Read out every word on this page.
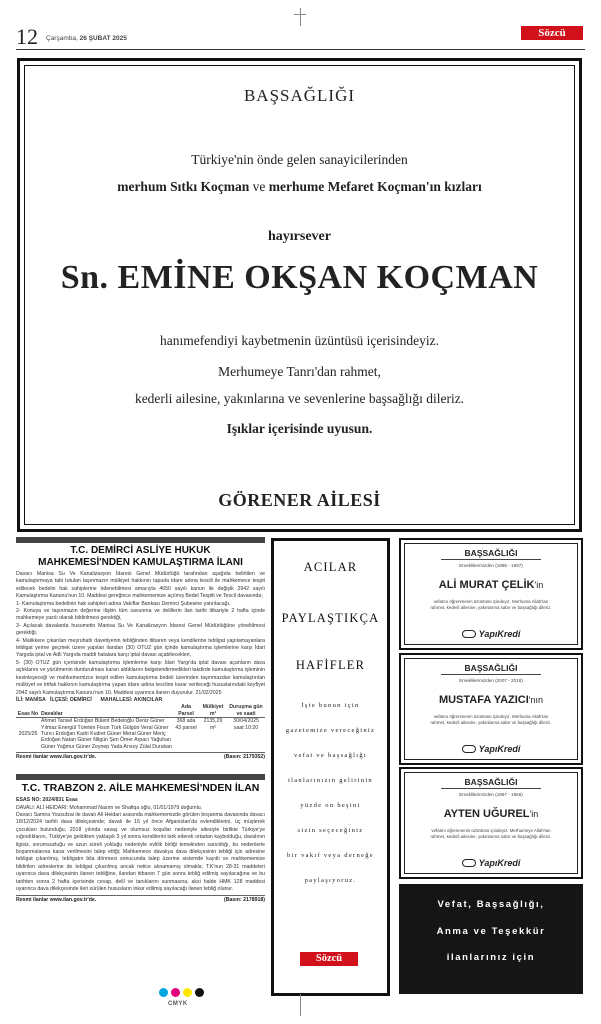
12 Çarşamba, 26 ŞUBAT 2025	Sözcü
BAŞSAĞLIĞI
Türkiye'nin önde gelen sanayicilerinden
merhum Sıtkı Koçman ve merhume Mefaret Koçman'ın kızları
hayırsever
Sn. EMİNE OKŞAN KOÇMAN
hanımefendiyi kaybetmenin üzüntüsü içerisindeyiz.
Merhumeye Tanrı'dan rahmet,
kederli ailesine, yakınlarına ve sevenlerine başsağlığı dileriz.
Işıklar içerisinde uyusun.
GÖRENER AİLESİ
T.C. DEMİRCİ ASLİYE HUKUK
MAHKEMESİ'NDEN KAMULAŞTIRMA İLANI

Davacı Manisa Su Ve Kanalizasyon İdaresi Genel Müdürlüğü tarafından aşağıda belirtilen ve kamulaştırmaya tabi tutulan taşınmazın mülkiyet hakkının tapuda idare adına tescili ile mahkemece tespit edilecek bedelin hak sahiplerine ödenebilmesi amacıyla 4650 sayılı kanun ile değişik 2942 sayılı Kamulaştırma Kanunu'nun 10. Maddesi gereğince mahkememize açılmış Bedel Tespiti ve Tescil davasında;

1- Kamulaştırma bedelinin hak sahipleri adına Vakıflar Bankası Demirci Şubesine yatırılacağı,

2- Konuya ve taşınmazın değerine ilişkin tüm savunma ve delillerin ilan tarihi itibariyle 2 hafta içinde mahkemeye yazılı olarak bildirilmesi gerektiği,

3- Açılacak davalarda husumetin Manisa Su Ve Kanalizasyon İdaresi Genel Müdürlüğüne yöneltilmesi gerektiği,

4- Malikkere çıkarılan meşruhatlı davetiyenin tebliğinden itibaren veya kendilerine tebligat yapılamayanlara tebligat yerine geçmek üzere yapılan ilandan (30) OTUZ gün içinde kamulaştırma işlemlerine karşı İdari Yargıda iptal ve Adli Yargıda maddi hatalara karşı iptal davası açabilecekleri,

5- (30) OTUZ gün içerisinde kamulaştırma işlemlerine karşı İdari Yargı'da iptal davası açanların dava açtıklarını ve yürütmenin durdurulması kararı aldıklarını belgelendirmedikleri takdirde kamulaştırma işleminin kesinleşeceği ve mahkememizce tespit edilen kamulaştırma bedeli üzerinden taşınmazdan kamulaştırılan mülkiyet ve irtifak hakkının kamulaştırma yapan idare adına tescline karar verileceği hususlarındaki keyfiyet 2942 sayılı Kamulaştırma Kanunu'nun 10. Maddesi uyarınca ilanen duyurulur. 21/02/2025

İLİ: MANİSA İLÇESİ: DEMİRCİ MAHALLESİ: AKINCILAR

Esas No	Davalılar	Ada Parsel	Mülkiyet m²	Duruşma gün ve saati
2025/25	Ahmet Tansel Erdoğan Bülent Bedeloğlu Deniz Güner Yılmaz Energül Türeten Fisun Türk Gülgün Veral Güner Turıcı Erdoğan Kadri Kudret Güner Meral Güner Meriç Erdoğan Natan Güner Nilgün Şen Ömer Arpacı Yağuhan Güner Yağmur Güner Zeynep Yada Arısoy Zülal Durukan	368 ada 43 parsel	2135,29 m²	30/04/2025 saat 10:20
Resmi ilanlar www.ilan.gov.tr'de.	(Basın: 2179352)
T.C. TRABZON 2. AİLE MAHKEMESİ'NDEN İLAN

ESAS NO: 2024/831 Esas

DAVALI: ALİ HEIDARI: Mohammad Nasım ve Shafiqa oğlu, 01/01/1979 doğumlu.

Davacı Samira Yousufzai ile davalı Ali Heidari arasında mahkememizde görülen boşanma davasında davacı 18/12/2024 tarihli dava dilekçesinde; davalı ile 16 yıl önce Afganistan'da evlendiklerini, üç müşterek çocukları bulunduğu, 2018 yılında savaş ve olumsuz koşullar nedeniyle ailesiyle birlikte Türkiye'ye sığındıklarını, Türkiye'ye geldikten yaklaşık 3 yıl sonra kendilerini terk ederek ortadan kaybolduğu, davalının ilgisiz, sorumsuzluğu ve uzun süreli yokluğu nedeniyle evlilik birliği temelinden sarsıldığı, bu nedenlerle boşanmalarına karar verilmesini talep ettiği; Mahkemece davalıya dava dilekçesinin tebliği için adresine tebligat çıkarılmış, tebligatın bila dönmesi sonucunda talep üzerine sistemde kayıtlı ve mahkememize bildirilen adreslerine de tebligat çıkarılmış ancak netice alınamamış olmakla; T.K'nun 28-31 maddeleri uyarınca dava dilekçesinin ilanen tebliğine, ilandan itibaren 7 gün sonra tebliğ edilmiş sayılacağına ve bu tarihten sonra 2 hafta içerisinde cevap, delil ve tanıklarını sunmasına, aksi halde HMK 128 maddesi uyarınca dava dilekçesinde ileri sürülen hususların inkar edilmiş sayılacağı ilanen tebliğ olunur.

Resmi ilanlar www.ilan.gov.tr'de.	(Basın: 2178918)
ACILAR
PAYLAŞTIKÇA
HAFİFLER
İşte bunun için
gazetemize vereceğiniz
vefat ve başsağlığı
ilanlarınızın gelirinin
yüzde on beşini
sizin seçeceğiniz
bir vakıf veya derneğe
paylaşıyoruz.
Sözcü
BAŞSAĞLIĞI
Emeklilerimizden (1986 - 1997)
ALİ MURAT ÇELİK'in
vefatını öğrenmenin üzüntüsü içindeyiz. Merhuma Allah'tan
rahmet, kederli ailesine, yakınlarına sabır ve başsağlığı dileriz.
YapıKredi
BAŞSAĞLIĞI
Emeklilerimizden (2007 - 2018)
MUSTAFA YAZICI'nın
vefatını öğrenmenin üzüntüsü içindeyiz. Merhuma Allah'tan
rahmet, kederli ailesine, yakınlarına sabır ve başsağlığı dileriz.
YapıKredi
BAŞSAĞLIĞI
Emeklilerimizden (1967 - 1968)
AYTEN UĞUREL'in
vefatını öğrenmenin üzüntüsü içindeyiz. Merhumeye Allah'tan
rahmet, kederli ailesine, yakınlarına sabır ve başsağlığı dileriz.
YapıKredi
Vefat, Başsağlığı,
Anma ve Teşekkür
ilanlarınız için
CMYK
